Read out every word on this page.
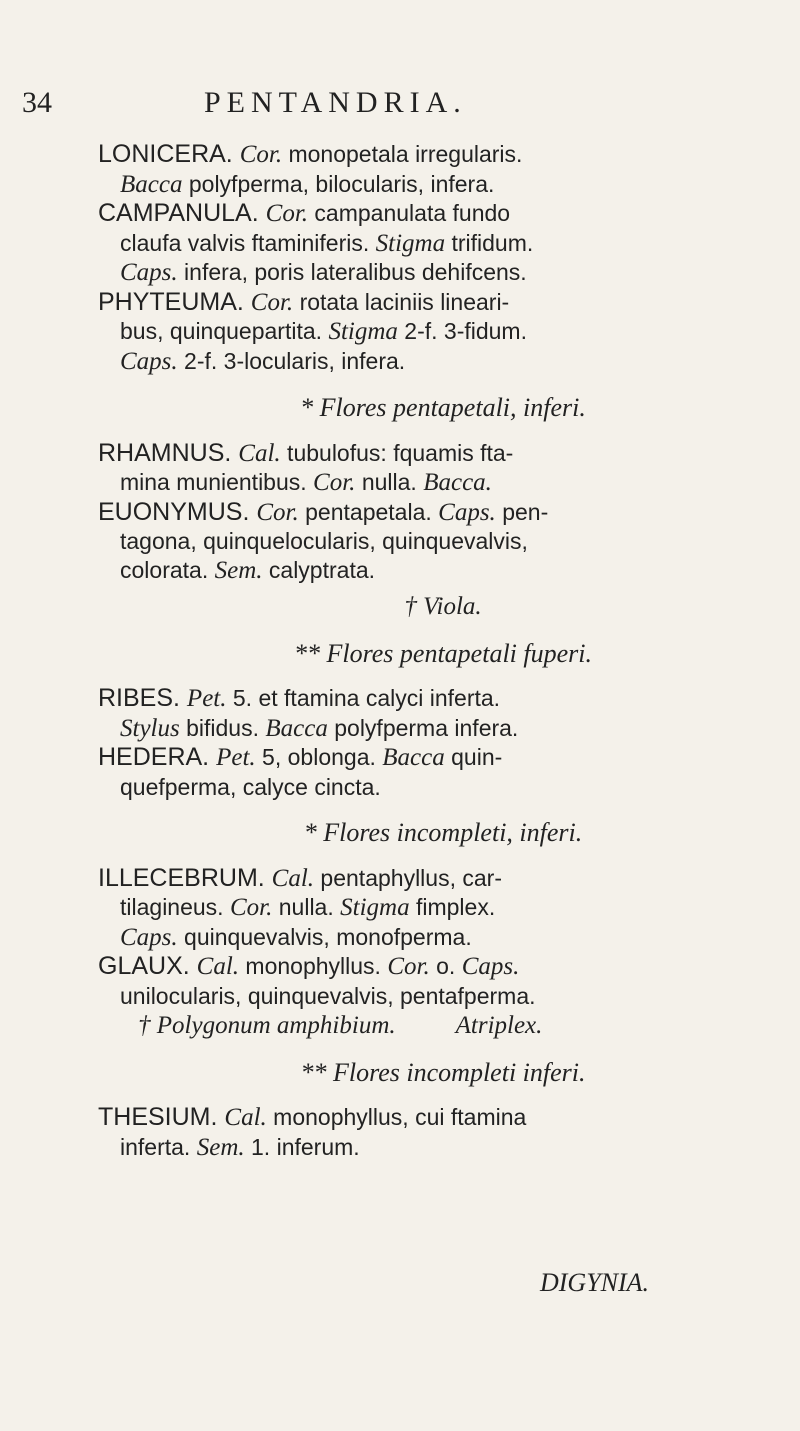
34	PENTANDRIA.
LONICERA. Cor. monopetala irregularis.
Bacca polyfperma, bilocularis, infera.
CAMPANULA. Cor. campanulata fundo
claufa valvis ftaminiferis. Stigma trifidum.
Caps. infera, poris lateralibus dehifcens.
PHYTEUMA. Cor. rotata laciniis lineari-
bus, quinquepartita. Stigma 2-f. 3-fidum.
Caps. 2-f. 3-locularis, infera.
* Flores pentapetali, inferi.
RHAMNUS. Cal. tubulofus: fquamis fta-
mina munientibus. Cor. nulla. Bacca.
EUONYMUS. Cor. pentapetala. Caps. pen-
tagona, quinquelocularis, quinquevalvis,
colorata. Sem. calyptrata.
† Viola.
** Flores pentapetali fuperi.
RIBES. Pet. 5. et ftamina calyci inferta.
Stylus bifidus. Bacca polyfperma infera.
HEDERA. Pet. 5, oblonga. Bacca quin-
quefperma, calyce cincta.
* Flores incompleti, inferi.
ILLECEBRUM. Cal. pentaphyllus, car-
tilagineus. Cor. nulla. Stigma fimplex.
Caps. quinquevalvis, monofperma.
GLAUX. Cal. monophyllus. Cor. o. Caps.
unilocularis, quinquevalvis, pentafperma.
† Polygonum amphibium. Atriplex.
** Flores incompleti inferi.
THESIUM. Cal. monophyllus, cui ftamina
inferta. Sem. 1. inferum.
DIGYNIA.
